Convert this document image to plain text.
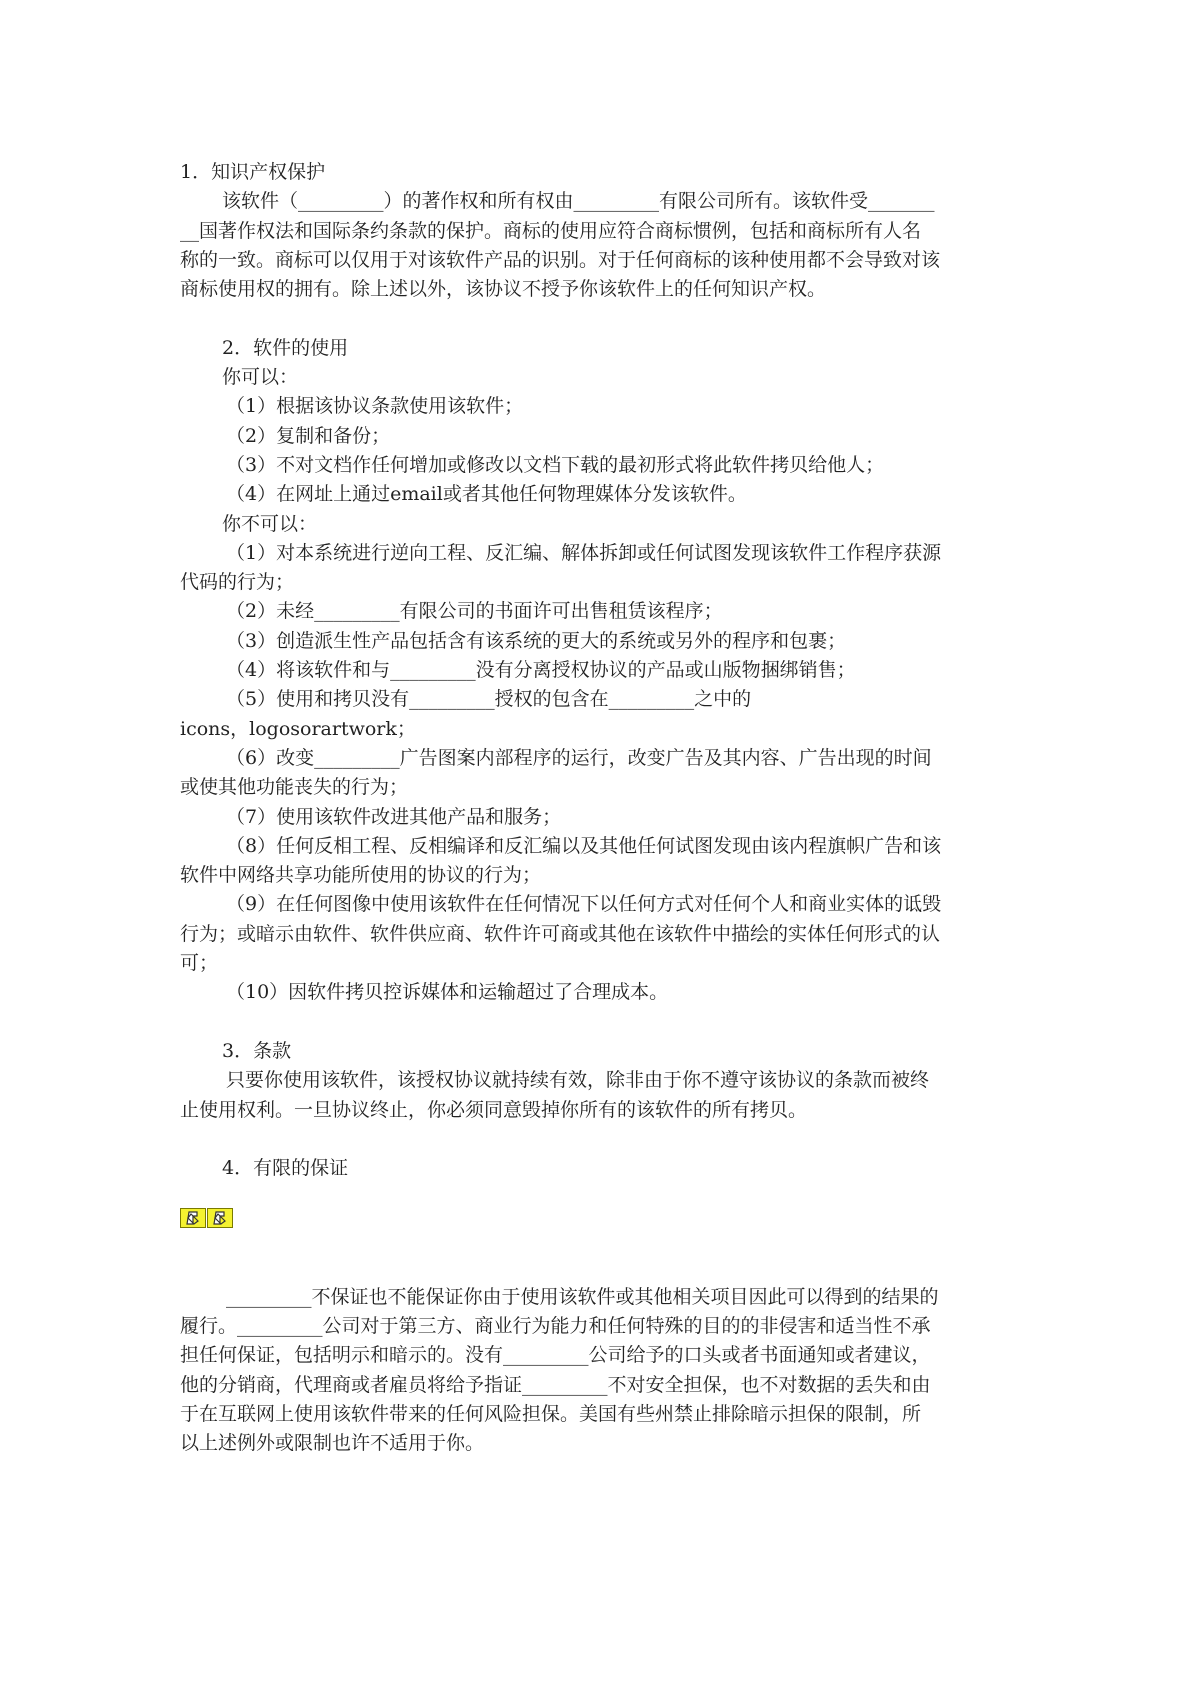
1．知识产权保护

该软件（_________）的著作权和所有权由_________有限公司所有。该软件受_______

__国著作权法和国际条约条款的保护。商标的使用应符合商标惯例，包括和商标所有人名

称的一致。商标可以仅用于对该软件产品的识别。对于任何商标的该种使用都不会导致对该

商标使用权的拥有。除上述以外，该协议不授予你该软件上的任何知识产权。

2．软件的使用

你可以：

（1）根据该协议条款使用该软件；

（2）复制和备份；

（3）不对文档作任何增加或修改以文档下载的最初形式将此软件拷贝给他人；

（4）在网址上通过email或者其他任何物理媒体分发该软件。

你不可以：

（1）对本系统进行逆向工程、反汇编、解体拆卸或任何试图发现该软件工作程序获源

代码的行为；

（2）未经_________有限公司的书面许可出售租赁该程序；

（3）创造派生性产品包括含有该系统的更大的系统或另外的程序和包裹；

（4）将该软件和与_________没有分离授权协议的产品或山版物捆绑销售；

（5）使用和拷贝没有_________授权的包含在_________之中的

icons，logosorartwork；

（6）改变_________广告图案内部程序的运行，改变广告及其内容、广告出现的时间

或使其他功能丧失的行为；

（7）使用该软件改进其他产品和服务；

（8）任何反相工程、反相编译和反汇编以及其他任何试图发现由该内程旗帜广告和该

软件中网络共享功能所使用的协议的行为；

（9）在任何图像中使用该软件在任何情况下以任何方式对任何个人和商业实体的诋毁

行为；或暗示由软件、软件供应商、软件许可商或其他在该软件中描绘的实体任何形式的认

可；

（10）因软件拷贝控诉媒体和运输超过了合理成本。

3．条款

只要你使用该软件，该授权协议就持续有效，除非由于你不遵守该协议的条款而被终

止使用权利。一旦协议终止，你必须同意毁掉你所有的该软件的所有拷贝。

4．有限的保证

_________不保证也不能保证你由于使用该软件或其他相关项目因此可以得到的结果的

履行。_________公司对于第三方、商业行为能力和任何特殊的目的的非侵害和适当性不承

担任何保证，包括明示和暗示的。没有_________公司给予的口头或者书面通知或者建议，

他的分销商，代理商或者雇员将给予指证_________不对安全担保，也不对数据的丢失和由

于在互联网上使用该软件带来的任何风险担保。美国有些州禁止排除暗示担保的限制，所

以上述例外或限制也许不适用于你。
